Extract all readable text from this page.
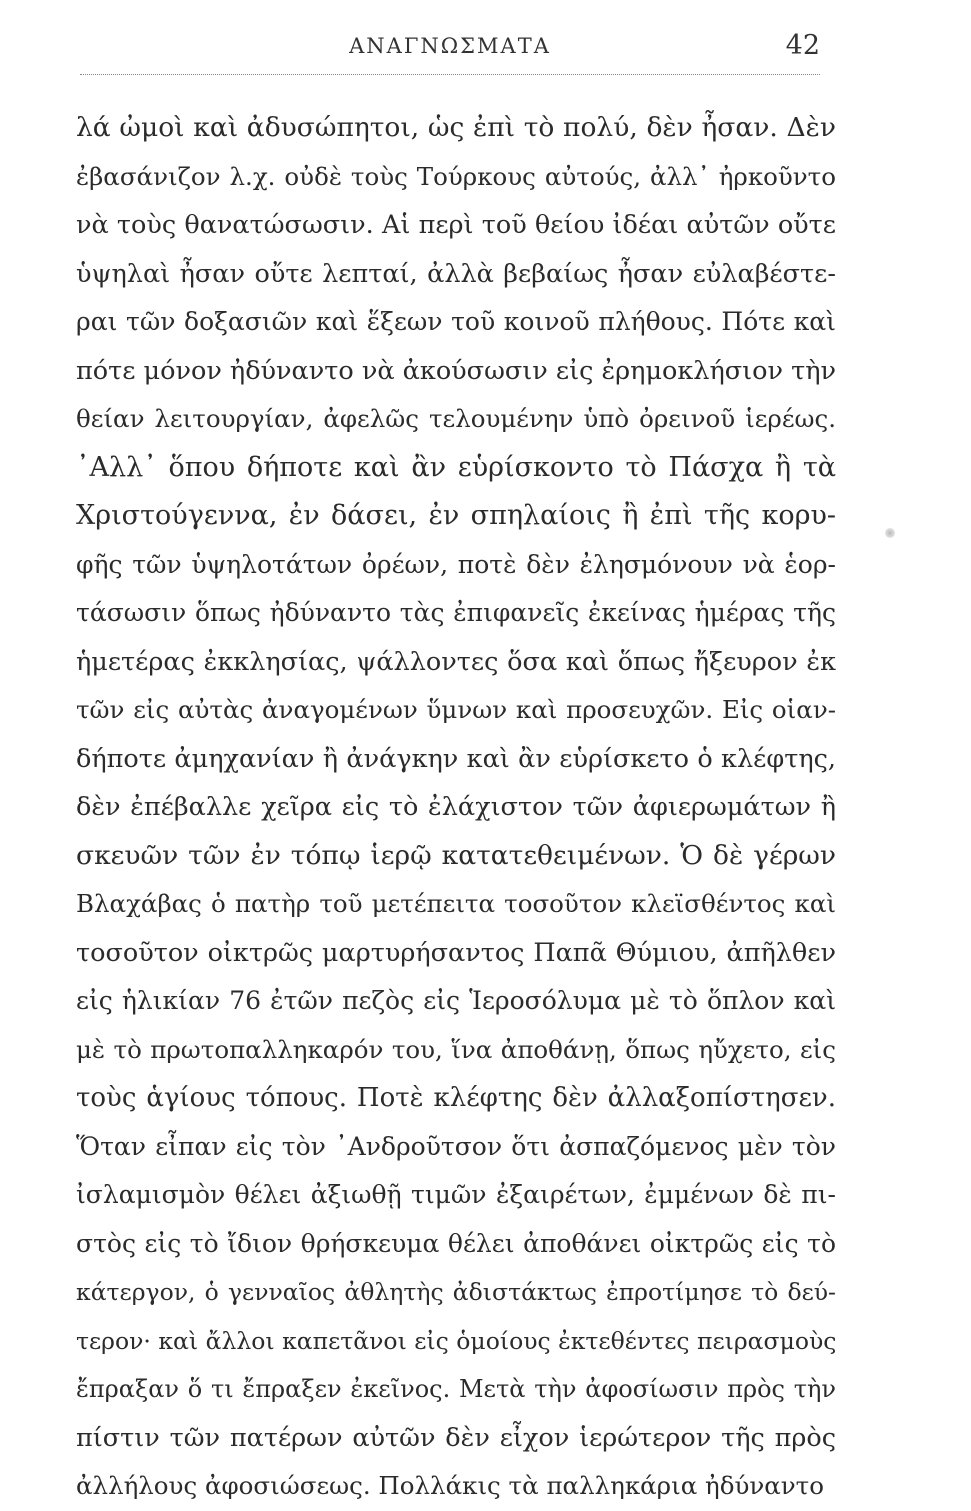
ΑΝΑΓΝΩΣΜΑΤΑ	42
λά ὠμοὶ καὶ ἀδυσώπητοι, ὡς ἐπὶ τὸ πολύ, δὲν ἦσαν. Δὲν
ἐβασάνιζον λ.χ. οὐδὲ τοὺς Τούρκους αὐτούς, ἀλλ᾽ ἠρκοῦντο
νὰ τοὺς θανατώσωσιν. Αἱ περὶ τοῦ θείου ἰδέαι αὐτῶν οὔτε
ὑψηλαὶ ἦσαν οὔτε λεπταί, ἀλλὰ βεβαίως ἦσαν εὐλαβέστε-
ραι τῶν δοξασιῶν καὶ ἕξεων τοῦ κοινοῦ πλήθους. Πότε καὶ
πότε μόνον ἠδύναντο νὰ ἀκούσωσιν εἰς ἐρημοκλήσιον τὴν
θείαν λειτουργίαν, ἀφελῶς τελουμένην ὑπὸ ὀρεινοῦ ἱερέως.
᾽Αλλ᾽ ὅπου δήποτε καὶ ἂν εὑρίσκοντο τὸ Πάσχα ἢ τὰ
Χριστούγεννα, ἐν δάσει, ἐν σπηλαίοις ἢ ἐπὶ τῆς κορυ-
φῆς τῶν ὑψηλοτάτων ὀρέων, ποτὲ δὲν ἐλησμόνουν νὰ ἑορ-
τάσωσιν ὅπως ἠδύναντο τὰς ἐπιφανεῖς ἐκείνας ἡμέρας τῆς
ἡμετέρας ἐκκλησίας, ψάλλοντες ὅσα καὶ ὅπως ἤξευρον ἐκ
τῶν εἰς αὐτὰς ἀναγομένων ὕμνων καὶ προσευχῶν. Εἰς οἱαν-
δήποτε ἀμηχανίαν ἢ ἀνάγκην καὶ ἂν εὑρίσκετο ὁ κλέφτης,
δὲν ἐπέβαλλε χεῖρα εἰς τὸ ἐλάχιστον τῶν ἀφιερωμάτων ἢ
σκευῶν τῶν ἐν τόπῳ ἱερῷ κατατεθειμένων. Ὁ δὲ γέρων
Βλαχάβας ὁ πατὴρ τοῦ μετέπειτα τοσοῦτον κλεϊσθέντος καὶ
τοσοῦτον οἰκτρῶς μαρτυρήσαντος Παπᾶ Θύμιου, ἀπῆλθεν
εἰς ἡλικίαν 76 ἐτῶν πεζὸς εἰς Ἱεροσόλυμα μὲ τὸ ὅπλον καὶ
μὲ τὸ πρωτοπαλληκαρόν του, ἵνα ἀποθάνῃ, ὅπως ηὔχετο, εἰς
τοὺς ἁγίους τόπους. Ποτὲ κλέφτης δὲν ἀλλαξοπίστησεν.
Ὅταν εἶπαν εἰς τὸν ᾽Ανδροῦτσον ὅτι ἀσπαζόμενος μὲν τὸν
ἰσλαμισμὸν θέλει ἀξιωθῇ τιμῶν ἐξαιρέτων, ἐμμένων δὲ πι-
στὸς εἰς τὸ ἴδιον θρήσκευμα θέλει ἀποθάνει οἰκτρῶς εἰς τὸ
κάτεργον, ὁ γενναῖος ἀθλητὴς ἀδιστάκτως ἐπροτίμησε τὸ δεύ-
τερον· καὶ ἄλλοι καπετᾶνοι εἰς ὁμοίους ἐκτεθέντες πειρασμοὺς
ἔπραξαν ὅ τι ἔπραξεν ἐκεῖνος. Μετὰ τὴν ἀφοσίωσιν πρὸς τὴν
πίστιν τῶν πατέρων αὐτῶν δὲν εἶχον ἱερώτερον τῆς πρὸς
ἀλλήλους ἀφοσιώσεως. Πολλάκις τὰ παλληκάρια ἠδύναντο
